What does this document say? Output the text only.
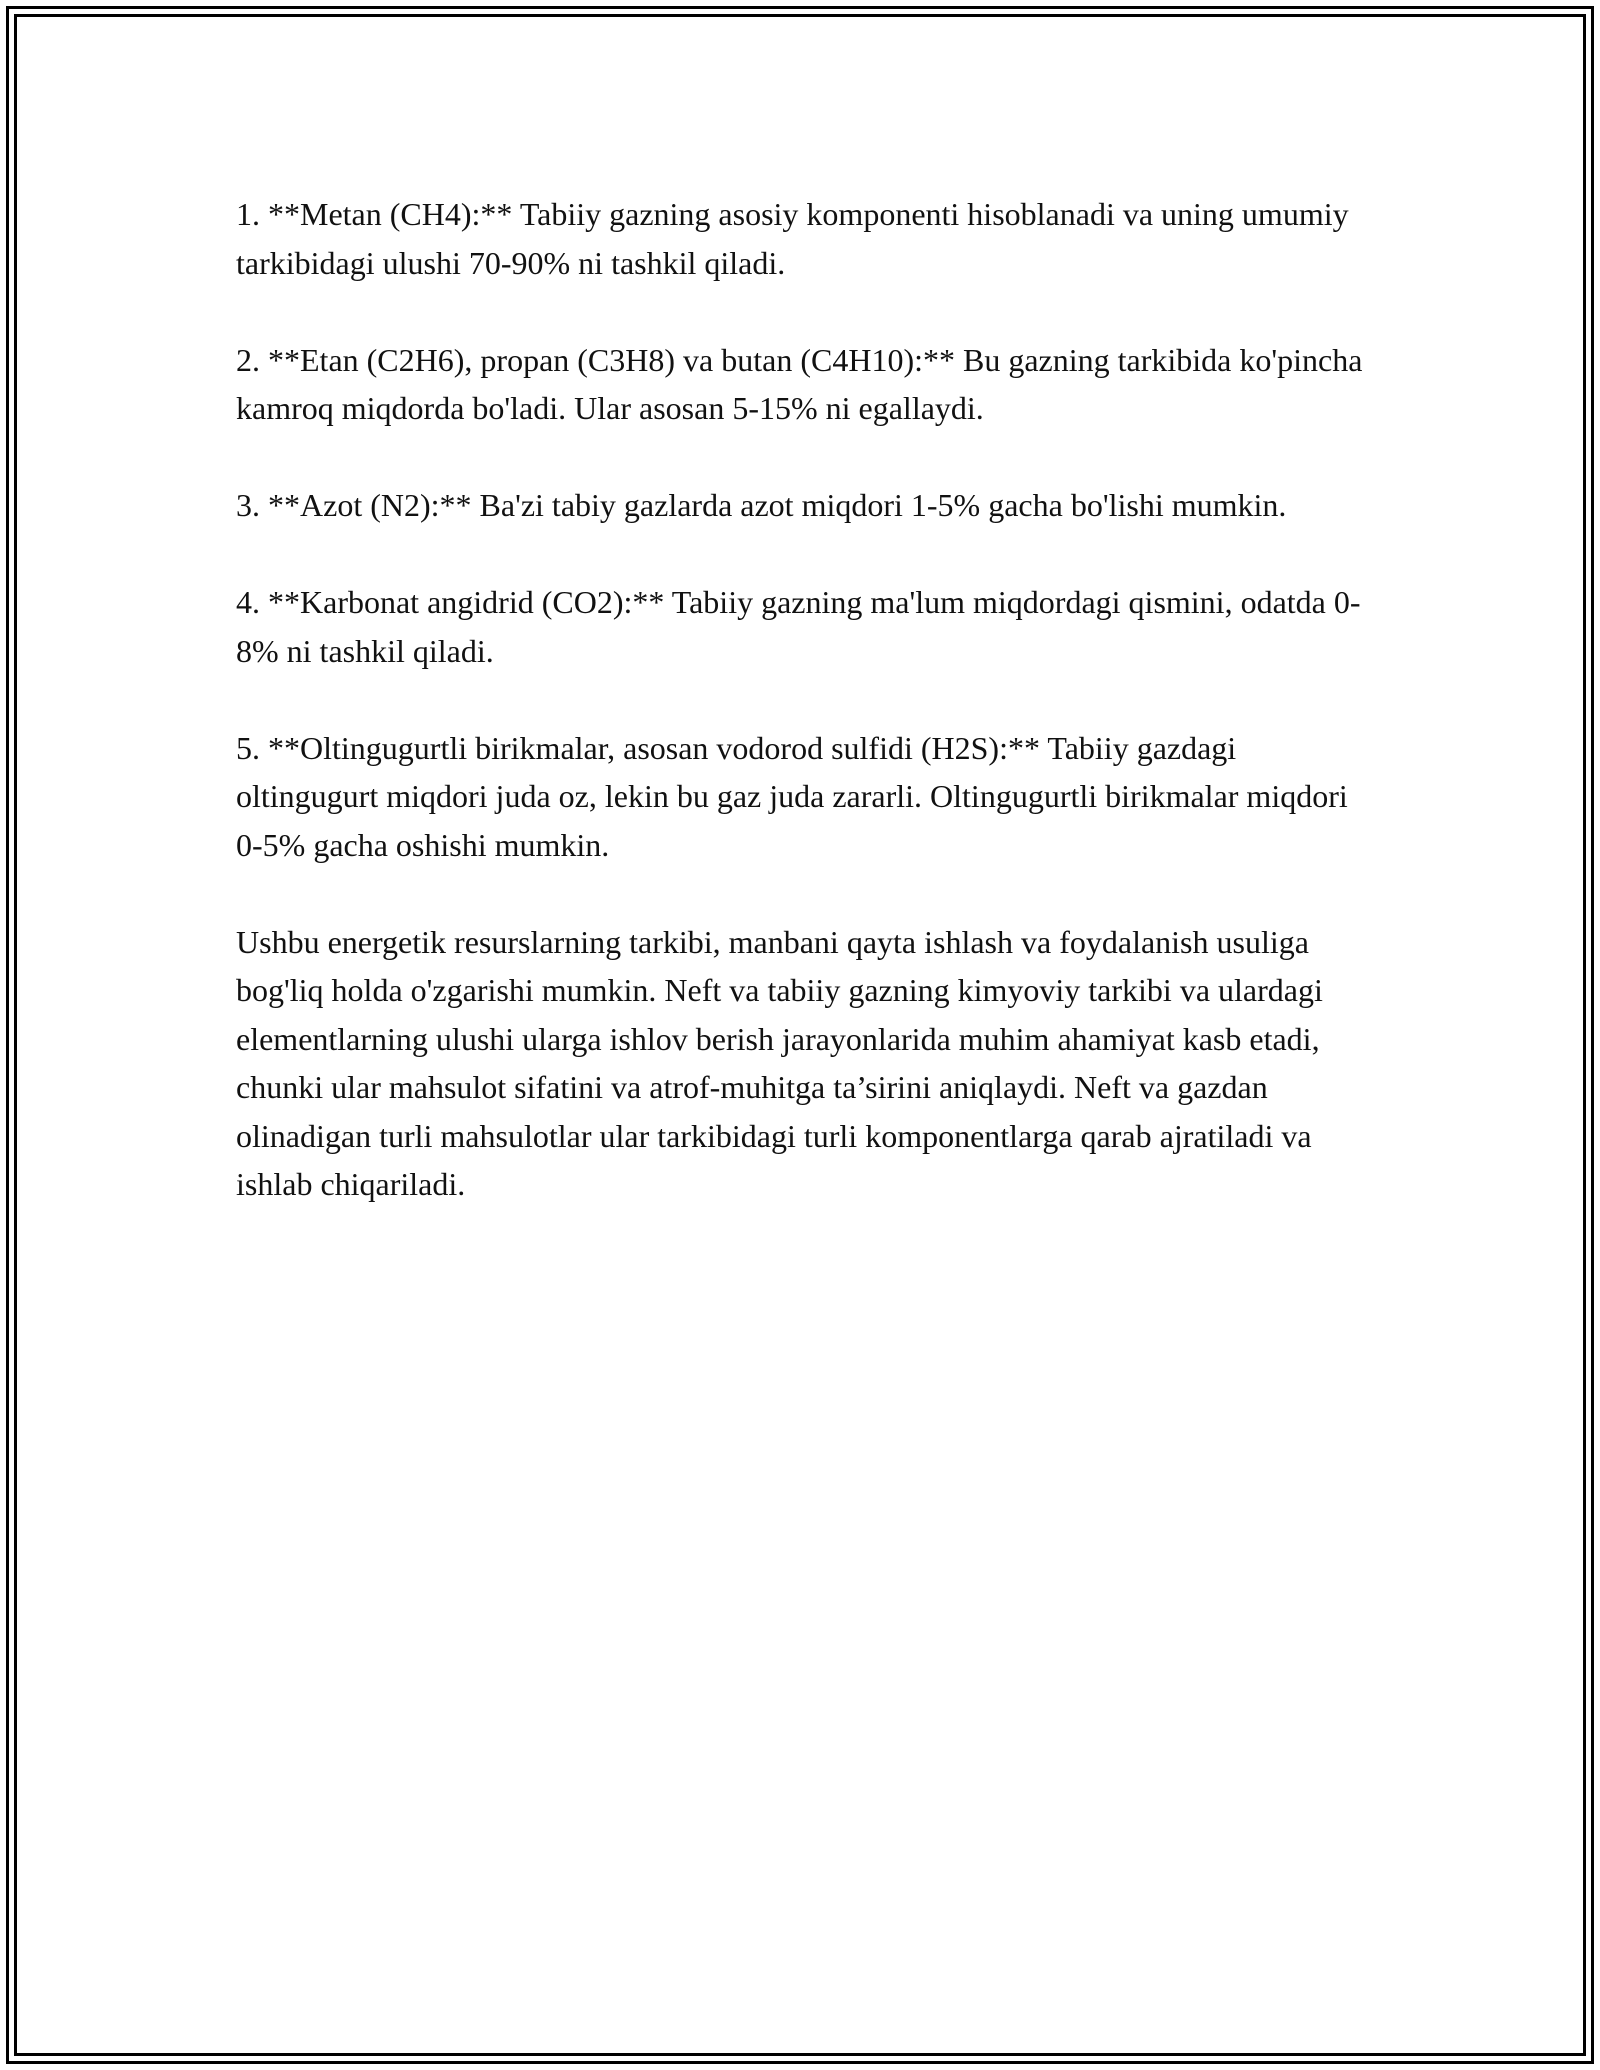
1. **Metan (CH4):** Tabiiy gazning asosiy komponenti hisoblanadi va uning umumiy tarkibidagi ulushi 70-90% ni tashkil qiladi.

2. **Etan (C2H6), propan (C3H8) va butan (C4H10):** Bu gazning tarkibida ko'pincha kamroq miqdorda bo'ladi. Ular asosan 5-15% ni egallaydi.

3. **Azot (N2):** Ba'zi tabiy gazlarda azot miqdori 1-5% gacha bo'lishi mumkin.

4. **Karbonat angidrid (CO2):** Tabiiy gazning ma'lum miqdordagi qismini, odatda 0-8% ni tashkil qiladi.

5. **Oltingugurtli birikmalar, asosan vodorod sulfidi (H2S):** Tabiiy gazdagi oltingugurt miqdori juda oz, lekin bu gaz juda zararli. Oltingugurtli birikmalar miqdori 0-5% gacha oshishi mumkin.

Ushbu energetik resurslarning tarkibi, manbani qayta ishlash va foydalanish usuliga bog'liq holda o'zgarishi mumkin. Neft va tabiiy gazning kimyoviy tarkibi va ulardagi elementlarning ulushi ularga ishlov berish jarayonlarida muhim ahamiyat kasb etadi, chunki ular mahsulot sifatini va atrof-muhitga ta’sirini aniqlaydi. Neft va gazdan olinadigan turli mahsulotlar ular tarkibidagi turli komponentlarga qarab ajratiladi va ishlab chiqariladi.
